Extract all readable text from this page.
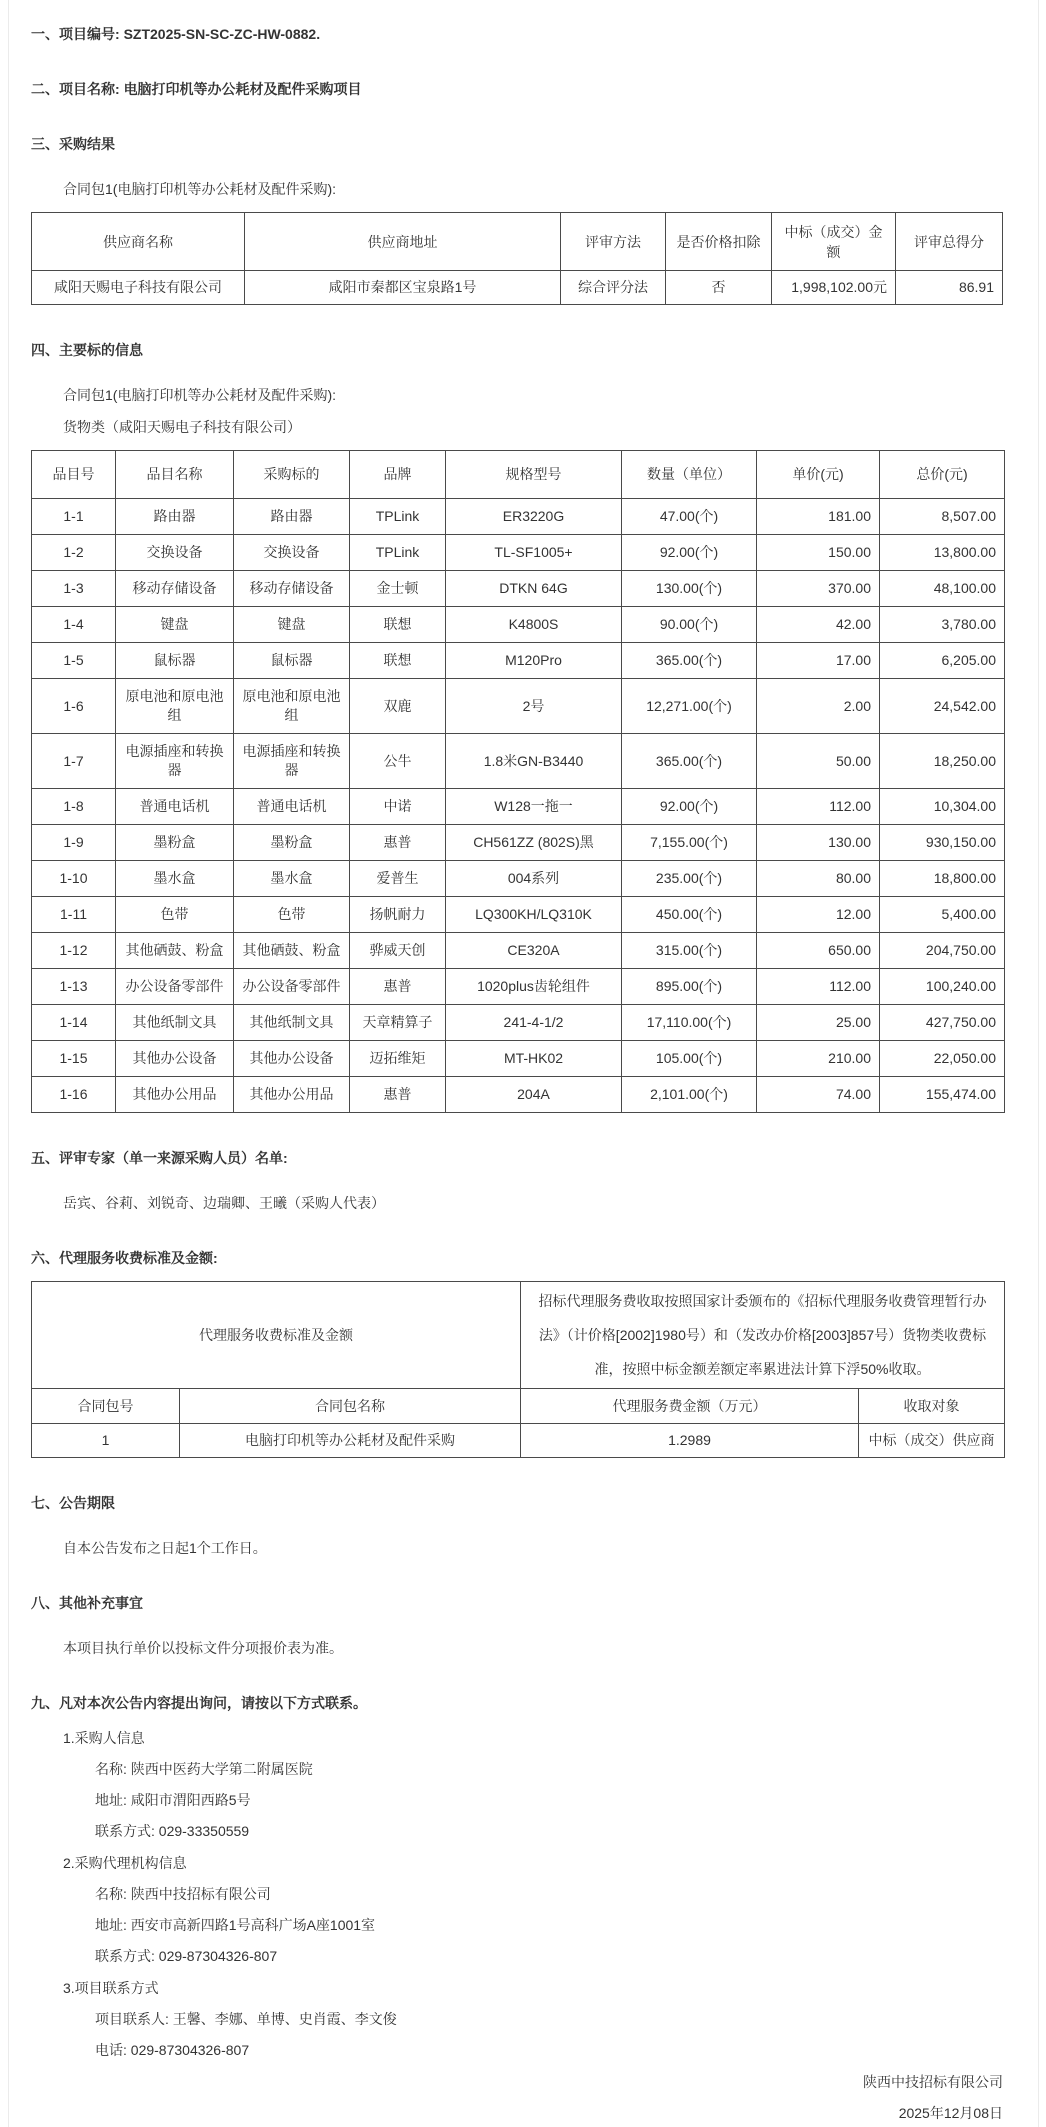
一、项目编号: SZT2025-SN-SC-ZC-HW-0882.

二、项目名称: 电脑打印机等办公耗材及配件采购项目

三、采购结果

合同包1(电脑打印机等办公耗材及配件采购):

供应商名称	供应商地址	评审方法	是否价格扣除	中标（成交）金额	评审总得分
咸阳天赐电子科技有限公司	咸阳市秦都区宝泉路1号	综合评分法	否	1,998,102.00元	86.91

四、主要标的信息

合同包1(电脑打印机等办公耗材及配件采购):

货物类（咸阳天赐电子科技有限公司）

品目号	品目名称	采购标的	品牌	规格型号	数量（单位）	单价(元)	总价(元)
1-1	路由器	路由器	TPLink	ER3220G	47.00(个)	181.00	8,507.00
1-2	交换设备	交换设备	TPLink	TL-SF1005+	92.00(个)	150.00	13,800.00
1-3	移动存储设备	移动存储设备	金士顿	DTKN 64G	130.00(个)	370.00	48,100.00
1-4	键盘	键盘	联想	K4800S	90.00(个)	42.00	3,780.00
1-5	鼠标器	鼠标器	联想	M120Pro	365.00(个)	17.00	6,205.00
1-6	原电池和原电池组	原电池和原电池组	双鹿	2号	12,271.00(个)	2.00	24,542.00
1-7	电源插座和转换器	电源插座和转换器	公牛	1.8米GN-B3440	365.00(个)	50.00	18,250.00
1-8	普通电话机	普通电话机	中诺	W128一拖一	92.00(个)	112.00	10,304.00
1-9	墨粉盒	墨粉盒	惠普	CH561ZZ (802S)黑	7,155.00(个)	130.00	930,150.00
1-10	墨水盒	墨水盒	爱普生	004系列	235.00(个)	80.00	18,800.00
1-11	色带	色带	扬帆耐力	LQ300KH/LQ310K	450.00(个)	12.00	5,400.00
1-12	其他硒鼓、粉盒	其他硒鼓、粉盒	骅威天创	CE320A	315.00(个)	650.00	204,750.00
1-13	办公设备零部件	办公设备零部件	惠普	1020plus齿轮组件	895.00(个)	112.00	100,240.00
1-14	其他纸制文具	其他纸制文具	天章精算子	241-4-1/2	17,110.00(个)	25.00	427,750.00
1-15	其他办公设备	其他办公设备	迈拓维矩	MT-HK02	105.00(个)	210.00	22,050.00
1-16	其他办公用品	其他办公用品	惠普	204A	2,101.00(个)	74.00	155,474.00

五、评审专家（单一来源采购人员）名单:

岳宾、谷莉、刘锐奇、边瑞卿、王曦（采购人代表）

六、代理服务收费标准及金额:

代理服务收费标准及金额		招标代理服务费收取按照国家计委颁布的《招标代理服务收费管理暂行办法》（计价格[2002]1980号）和（发改办价格[2003]857号）货物类收费标准，按照中标金额差额定率累进法计算下浮50%收取。	
合同包号	合同包名称	代理服务费金额（万元）	收取对象
1	电脑打印机等办公耗材及配件采购	1.2989	中标（成交）供应商

七、公告期限

自本公告发布之日起1个工作日。

八、其他补充事宜

本项目执行单价以投标文件分项报价表为准。

九、凡对本次公告内容提出询问，请按以下方式联系。

1.采购人信息

名称: 陕西中医药大学第二附属医院

地址: 咸阳市渭阳西路5号

联系方式: 029-33350559

2.采购代理机构信息

名称: 陕西中技招标有限公司

地址: 西安市高新四路1号高科广场A座1001室

联系方式: 029-87304326-807

3.项目联系方式

项目联系人: 王馨、李娜、单博、史肖霞、李文俊

电话: 029-87304326-807

陕西中技招标有限公司

2025年12月08日
